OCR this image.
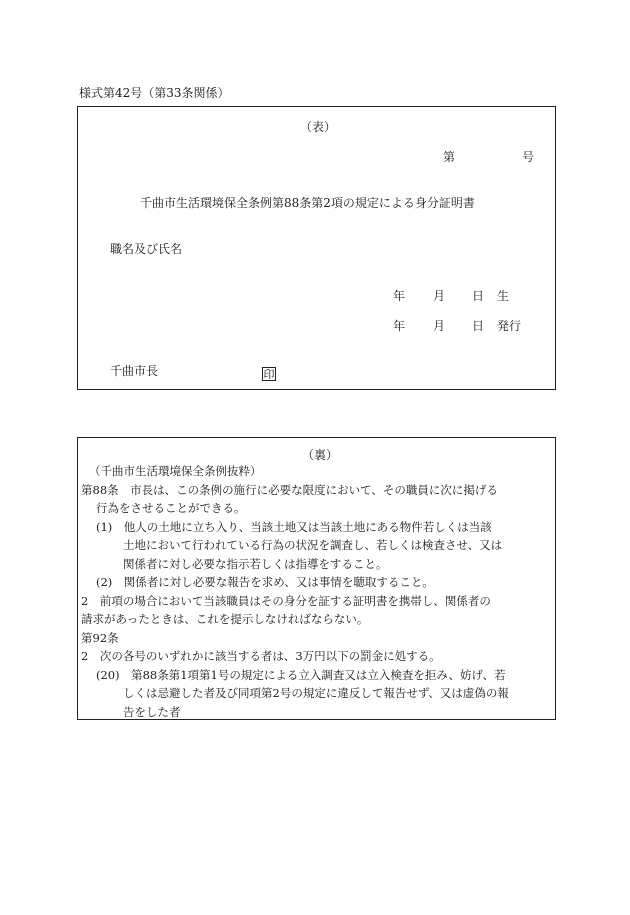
様式第42号（第33条関係）
（表）
第	号
千曲市生活環境保全条例第88条第2項の規定による身分証明書
職名及び氏名
年 月 日 生
年 月 日 発行
千曲市長	印
（裏）
（千曲市生活環境保全条例抜粋）
第88条　市長は、この条例の施行に必要な限度において、その職員に次に掲げる
行為をさせることができる。
(1)　他人の土地に立ち入り、当該土地又は当該土地にある物件若しくは当該
土地において行われている行為の状況を調査し、若しくは検査させ、又は
関係者に対し必要な指示若しくは指導をすること。
(2)　関係者に対し必要な報告を求め、又は事情を聴取すること。
2　前項の場合において当該職員はその身分を証する証明書を携帯し、関係者の
請求があったときは、これを提示しなければならない。
第92条
2　次の各号のいずれかに該当する者は、3万円以下の罰金に処する。
(20)　第88条第1項第1号の規定による立入調査又は立入検査を拒み、妨げ、若
しくは忌避した者及び同項第2号の規定に違反して報告せず、又は虚偽の報
告をした者
